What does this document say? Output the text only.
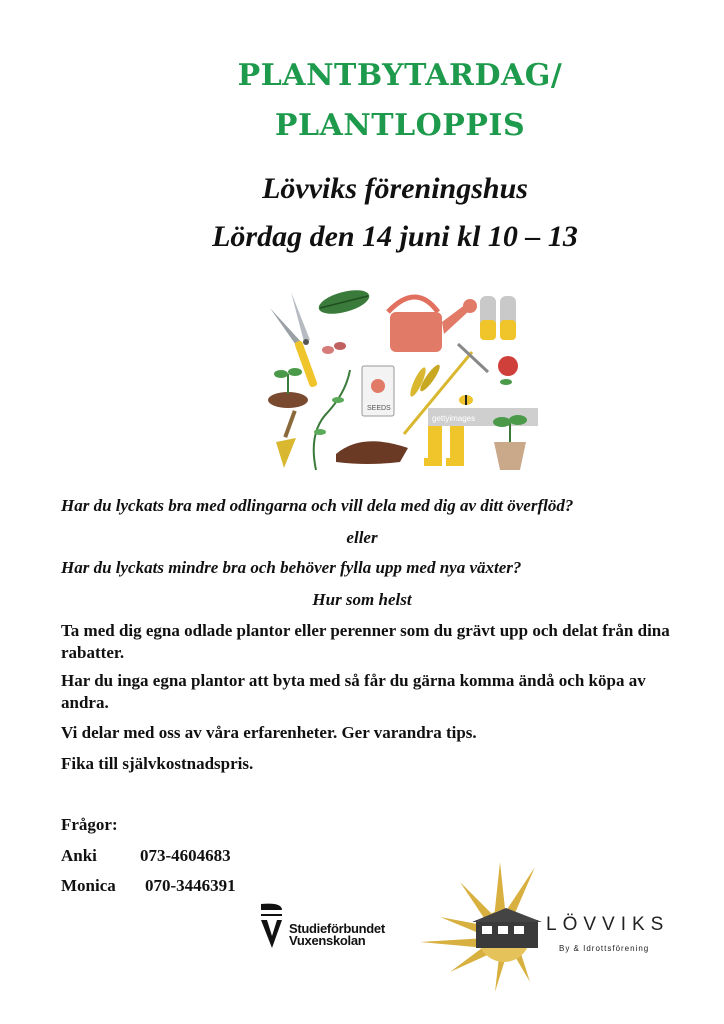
PLANTBYTARDAG/
PLANTLOPPIS
Lövviks föreningshus
Lördag den 14 juni kl 10 – 13
SEEDS
gettyimages
Har du lyckats bra med odlingarna och vill dela med dig av ditt överflöd?
eller
Har du lyckats mindre bra och behöver fylla upp med nya växter?
Hur som helst
Ta med dig egna odlade plantor eller perenner som du grävt upp och delat från dina rabatter.
Har du inga egna plantor att byta med så får du gärna komma ändå och köpa av andra.
Vi delar med oss av våra erfarenheter. Ger varandra tips.
Fika till självkostnadspris.
Frågor:
Anki	073-4604683
Monica 070-3446391
Studieförbundet
Vuxenskolan
LÖVVIKS
By & Idrottsförening
